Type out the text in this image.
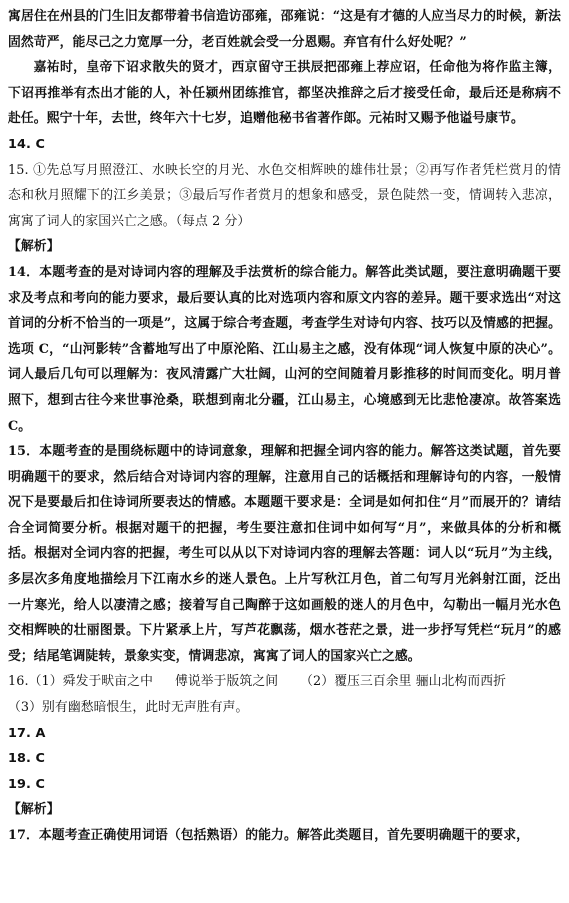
寓居住在州县的门生旧友都带着书信造访邵雍，邵雍说：“这是有才德的人应当尽力的时候，新法固然苛严，能尽己之力宽厚一分，老百姓就会受一分恩赐。弃官有什么好处呢？”

嘉祐时，皇帝下诏求散失的贤才，西京留守王拱辰把邵雍上荐应诏，任命他为将作监主簿，下诏再推举有杰出才能的人，补任颍州团练推官，都坚决推辞之后才接受任命，最后还是称病不赴任。熙宁十年，去世，终年六十七岁，追赠他秘书省著作郎。元祐时又赐予他谥号康节。

14. C

15. ①先总写月照澄江、水映长空的月光、水色交相辉映的雄伟壮景；②再写作者凭栏赏月的情态和秋月照耀下的江乡美景；③最后写作者赏月的想象和感受，景色陡然一变，情调转入悲凉，寓寓了词人的家国兴亡之感。（每点 2 分）

【解析】

14．本题考查的是对诗词内容的理解及手法赏析的综合能力。解答此类试题，要注意明确题干要求及考点和考向的能力要求，最后要认真的比对选项内容和原文内容的差异。题干要求选出“对这首词的分析不恰当的一项是”，这属于综合考查题，考查学生对诗句内容、技巧以及情感的把握。选项 C，“山河影转”含蓄地写出了中原沦陷、江山易主之感，没有体现“词人恢复中原的决心”。词人最后几句可以理解为：夜风清露广大壮阔，山河的空间随着月影推移的时间而变化。明月普照下，想到古往今来世事沧桑，联想到南北分疆，江山易主，心境感到无比悲怆凄凉。故答案选 C。

15．本题考查的是围绕标题中的诗词意象，理解和把握全词内容的能力。解答这类试题，首先要明确题干的要求，然后结合对诗词内容的理解，注意用自己的话概括和理解诗句的内容，一般情况下是要最后扣住诗词所要表达的情感。本题题干要求是：全词是如何扣住“月”而展开的？请结合全词简要分析。根据对题干的把握，考生要注意扣住词中如何写“月”，来做具体的分析和概括。根据对全词内容的把握，考生可以从以下对诗词内容的理解去答题：词人以“玩月”为主线，多层次多角度地描绘月下江南水乡的迷人景色。上片写秋江月色，首二句写月光斜射江面，泛出一片寒光，给人以凄清之感；接着写自己陶醉于这如画般的迷人的月色中，勾勒出一幅月光水色交相辉映的壮丽图景。下片紧承上片，写芦花飘荡，烟水苍茫之景，进一步抒写凭栏“玩月”的感受；结尾笔调陡转，景象实变，情调悲凉，寓寓了词人的国家兴亡之感。

16.（1）舜发于畎亩之中 傅说举于版筑之间 （2）覆压三百余里 骊山北构而西折
（3）别有幽愁暗恨生，此时无声胜有声。

17. A

18. C

19. C

【解析】

17．本题考查正确使用词语（包括熟语）的能力。解答此类题目，首先要明确题干的要求，
